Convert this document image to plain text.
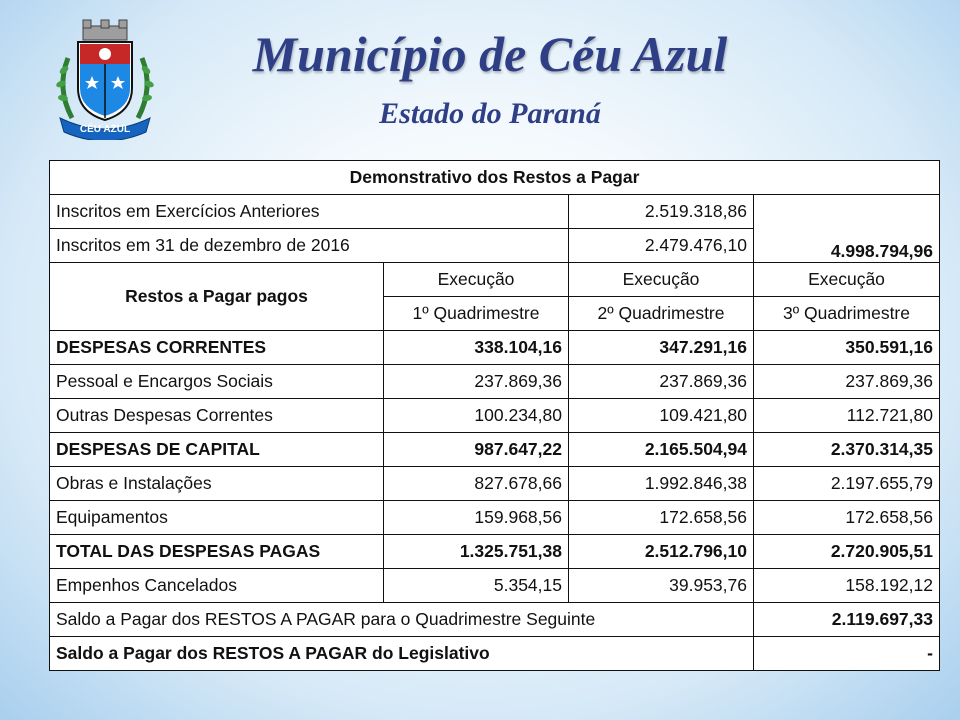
CÉU AZUL
Município de Céu Azul
Estado do Paraná
Demonstrativo dos Restos a Pagar			
Inscritos em Exercícios Anteriores		2.519.318,86	4.998.794,96
Inscritos em 31 de dezembro de 2016		2.479.476,10	
Restos a Pagar pagos	Execução	Execução	Execução
	1º Quadrimestre	2º Quadrimestre	3º Quadrimestre
DESPESAS CORRENTES	338.104,16	347.291,16	350.591,16
Pessoal e Encargos Sociais	237.869,36	237.869,36	237.869,36
Outras Despesas Correntes	100.234,80	109.421,80	112.721,80
DESPESAS DE CAPITAL	987.647,22	2.165.504,94	2.370.314,35
Obras e Instalações	827.678,66	1.992.846,38	2.197.655,79
Equipamentos	159.968,56	172.658,56	172.658,56
TOTAL DAS DESPESAS PAGAS	1.325.751,38	2.512.796,10	2.720.905,51
Empenhos Cancelados	5.354,15	39.953,76	158.192,12
Saldo a Pagar dos RESTOS A PAGAR para o Quadrimestre Seguinte			2.119.697,33
Saldo a Pagar dos RESTOS A PAGAR do Legislativo			-
